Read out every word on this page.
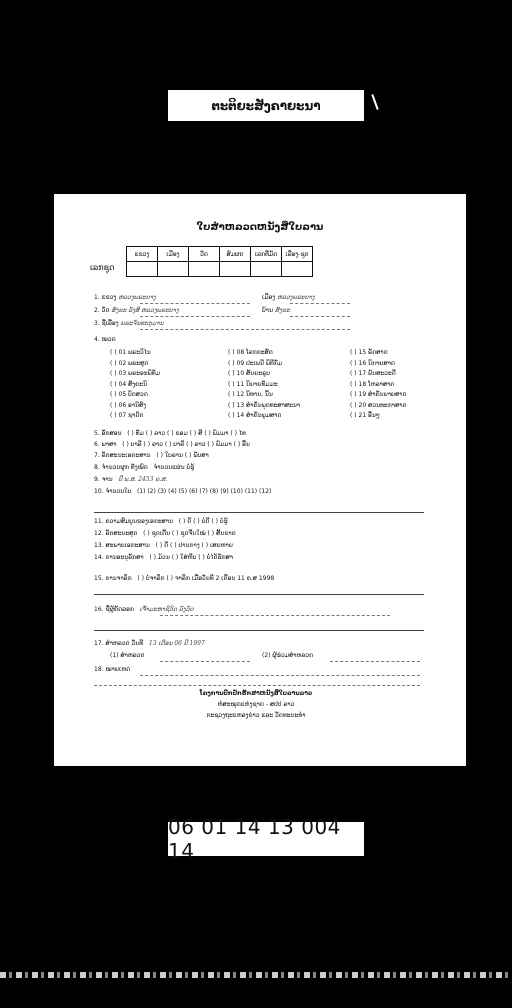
ຕະຕິຍະສັງຄາຍະນາ
ໃບສຳຫລວດຫນັງສືໃບລານ
ເລກຊຸດ
ແຂວງ	ເມືອງ	ວັດ	ສົມຜດ	ເລກທີ່ມັດ	ເລືອງ-ຊຸດ

1. ແຂວງ ຫລວງພຣະບາງ
2. ວັດ ສັງຂະ ລັງສີ ຫລວງພຣະບາງ
3. ຊື່ເລື່ອງ ພຣະຈັນທະກຸມານ
ເມືອງ ຫລວງພຣະບາງ
ບ້ານ ສັງຂະ
4. ໝວດ
( ) 01 ພຣະວິໄນ
( ) 02 ພຣະສູດ
( ) 03 ພຣະອະພິທັມ
( ) 04 ສັງຄະນິ
( ) 05 ບົດສວດ
( ) 06 ອານິສົງ
( ) 07 ຊາດົກ
( ) 08 ໂລກກະສັດ
( ) 09 ປະເພນີ ພິທີກັມ
( ) 10 ສັນຍະຣູບ
( ) 11 ນິຍາຍທັມມະ
( ) 12 ນິທານ, ນິ້ນ
( ) 13 ສຳຄັນພຸດທະສາສະນາ
( ) 14 ສຳຄັນພູມສາດ
( ) 15 ຣັດສາດ
( ) 16 ນິກາຍສາດ
( ) 17 ພັນສະວະດີ
( ) 18 ໂຫລາສາດ
( ) 19 ສຳຄັນຍາຍສາດ
( ) 20 ສວນທະກາສາດ
( ) 21 ອື່ນໆ
5. ອັກສອນ ( ) ທັມ ( ) ລາວ ( ) ຂອມ ( ) ສີ ( ) ພົມມາ ( ) ໄທ
6. ພາສາ ( ) ບາລີ ( ) ລາວ ( ) ບາລີ ( ) ລາວ ( ) ພົມມາ ( ) ອື່ນ
7. ລັກສະນະເອກະສານ ( ) ໃບລານ ( ) ພັບສາ
8. ຈຳນວນຜູກ ທັງໝົດ ຈຳນວນແຜ່ນ ບໍ່ຮູ້
9. ຈານ ປີ ພ.ສ. 2453 ຄ.ສ.
10. ຈຳນວນໃບ (1) (2) (3) (4) (5) (6) (7) (8) (9) (10) (11) (12)
11. ຄວາມສົມບູນຂອງເອກະສານ ( ) ດີ ( ) ບໍ່ດີ ( ) ບໍ່ຮູ້
12. ລັກສະນະສຸດ ( ) ຊຸດເດີ່ນ ( ) ຊຸດຈີ່ນໃໝ່ ( ) ສັ້ນຂາດ
13. ສະພາບເອກະສານ ( ) ດີ ( ) ປານກາງ ( ) ເສຍຫາຍ
14. ການອະນຸລັກສາ ( ) ມ້ວນ ( ) ໃສ່ຫີບ ( ) ບໍ່ໄດ້ຮັກສາ
15. ການຈາລຶກ ( ) ບໍ່ຈາລຶກ ( ) ຈາລຶກ ເມື່ອວັນທີ 2 ເດືອນ 11 ຄ.ສ 1998
16. ຊື່ຜູ້ຄັດລອກ ເຈົ້າມະຫາຊີວິດ ລົງວັດ
17. ສຳຫລວດ ວັນທີ 13 ເດືອນ 06 ປີ 1997
(1) ສຳຫລວດ	(2) ຜູ້ຮ່ວມສຳຫລວດ
18. ໝາຍເຫດ
ໂຄງການປົກປັກຮັກສາຫນັງສືໃບລານລາວ
ຫໍສະໝຸດແຫ່ງຊາດ - ສປປ ລາວ
ກະຊວງຖະແຫລງຂ່າວ ແລະ ວັດທະນະທຳ
06 01 14 13 004 14
